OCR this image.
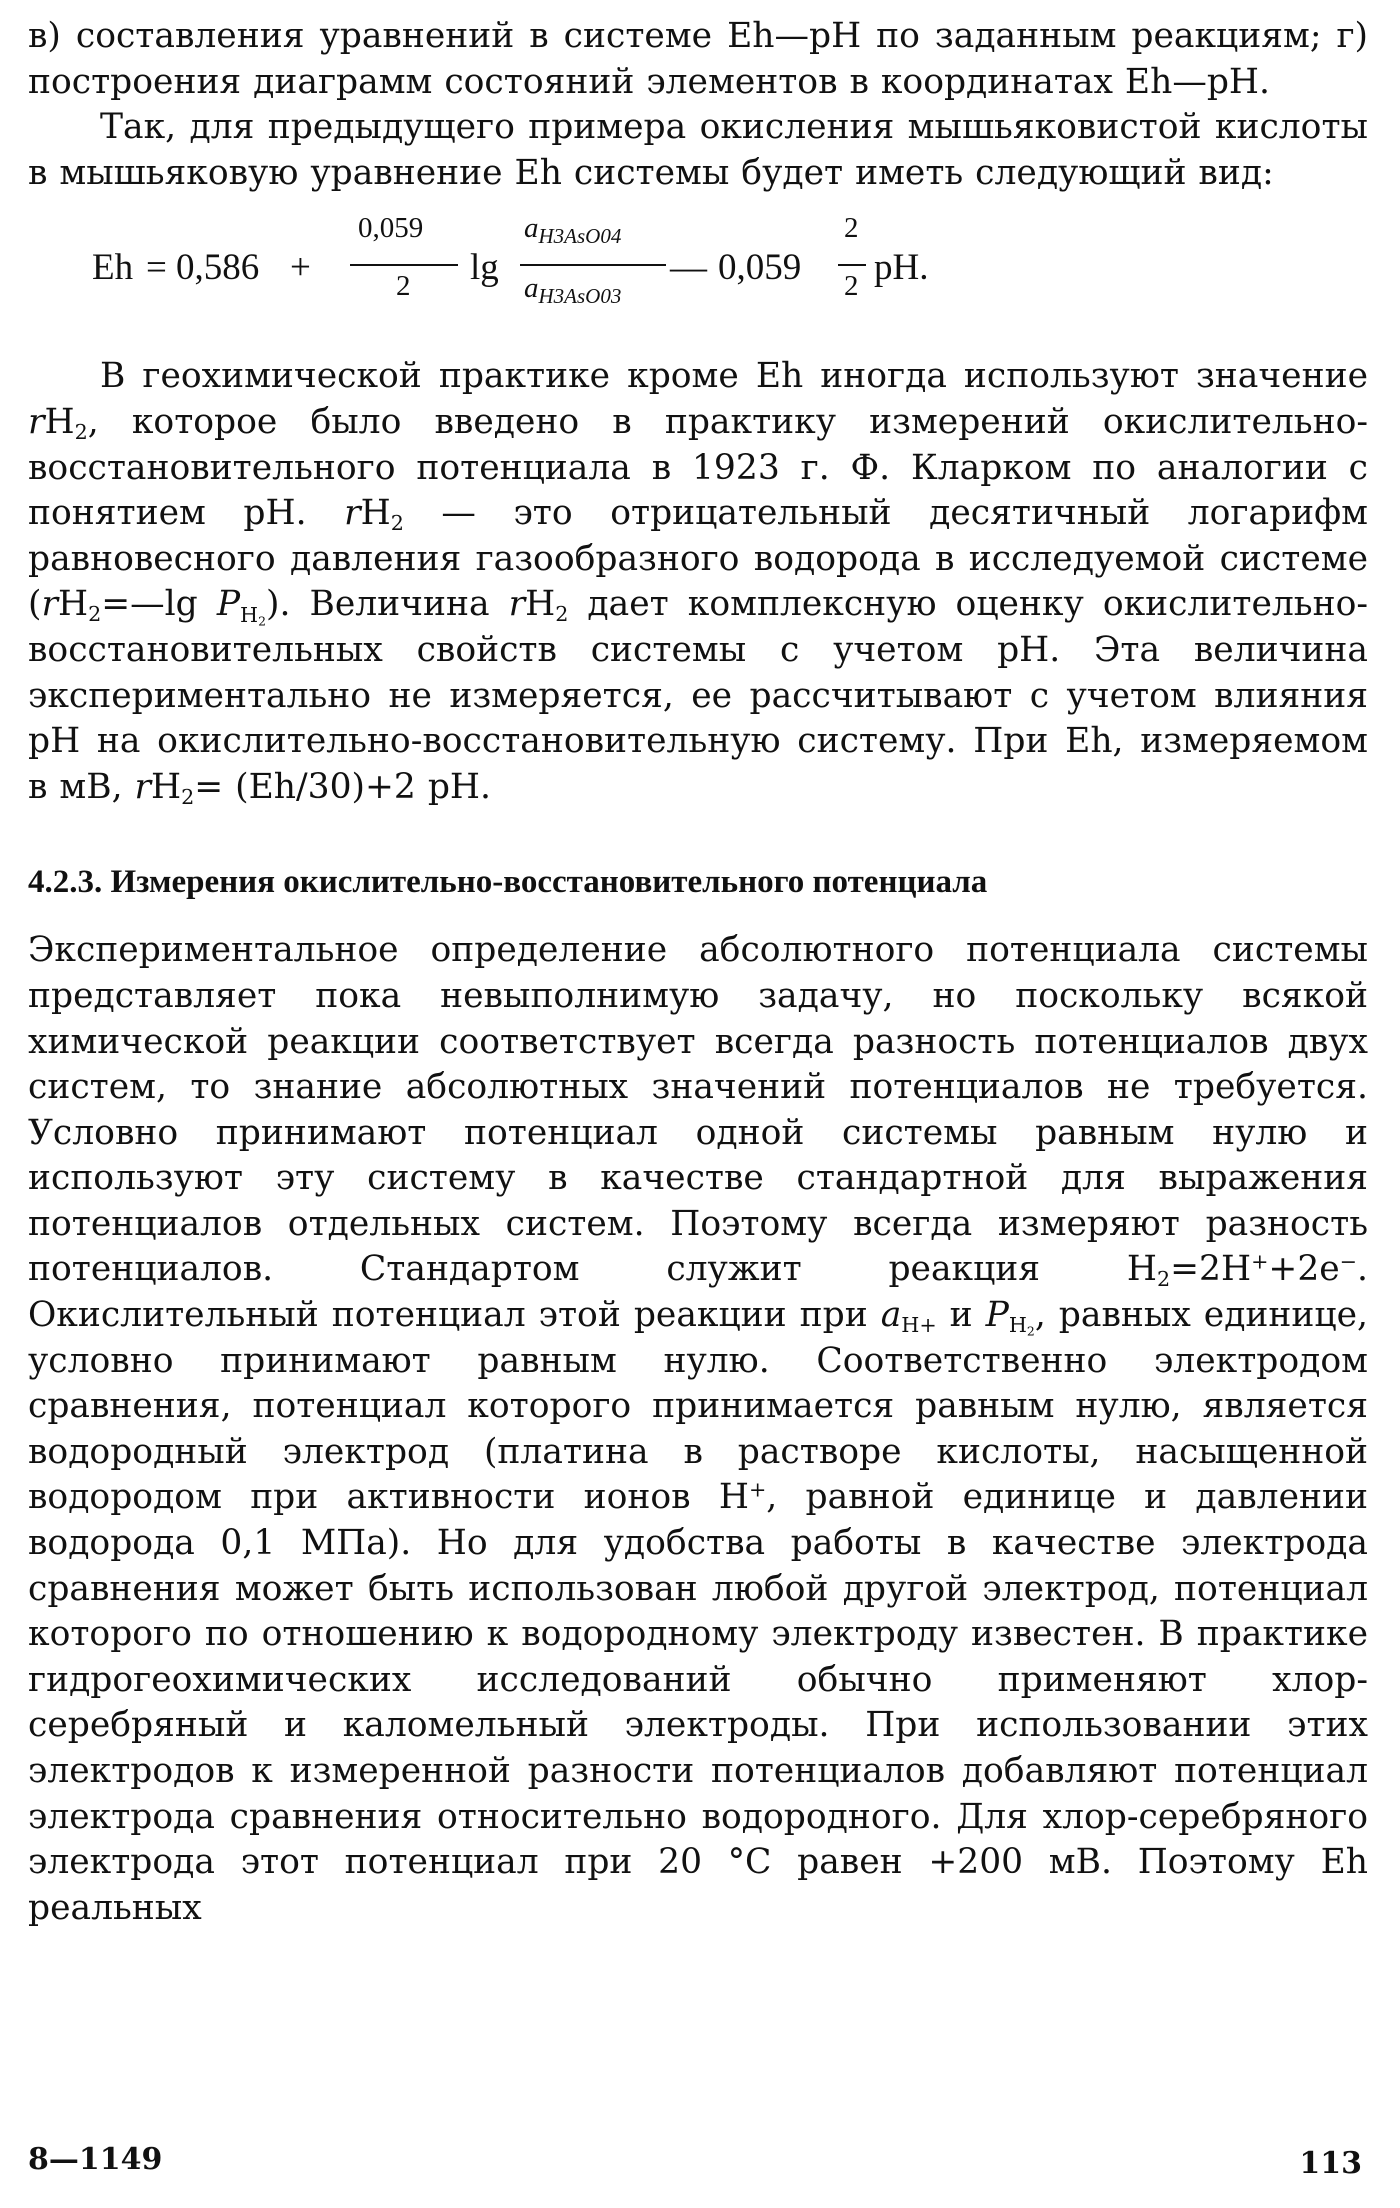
в) составления уравнений в системе Eh—pH по заданным реакциям; г) построения диаграмм состояний элементов в координатах Eh—pH.

Так, для предыдущего примера окисления мышьяковистой кислоты в мышьяковую уравнение Eh системы будет иметь следующий вид:

Eh = 0,586 +
0,059
2 lg
$a_{H3AsO04}$
$a_{H3AsO03}$
— 0,059
2
2 pH.

В геохимической практике кроме Eh иногда используют значение $rH_2$, которое было введено в практику измерений окислительно-восстановительного потенциала в 1923 г. Ф. Кларком по аналогии с понятием pH. $rH_2$ — это отрицательный десятичный логарифм равновесного давления газообразного водорода в исследуемой системе ($rH_2=—\lg$ $P_{H_2}$). Величина $rH_2$ дает комплексную оценку окислительно-восстановительных свойств системы с учетом pH. Эта величина экспериментально не измеряется, ее рассчитывают с учетом влияния pH на окислительно-восстановительную систему. При Eh, измеряемом в мВ, $rH_2= (Eh/30)+2$ pH.

4.2.3. Измерения окислительно-восстановительного потенциала

Экспериментальное определение абсолютного потенциала системы представляет пока невыполнимую задачу, но поскольку всякой химической реакции соответствует всегда разность потенциалов двух систем, то знание абсолютных значений потенциалов не требуется. Условно принимают потенциал одной системы равным нулю и используют эту систему в качестве стандартной для выражения потенциалов отдельных систем. Поэтому всегда измеряют разность потенциалов. Стандартом служит реакция $H_2=2H^++2e^-$. Окислительный потенциал этой реакции при $a_{H+}$ и $P_{H_2}$, равных единице, условно принимают равным нулю. Соответственно электродом сравнения, потенциал которого принимается равным нулю, является водородный электрод (платина в растворе кислоты, насыщенной водородом при активности ионов H+, равной единице и давлении водорода 0,1 МПа). Но для удобства работы в качестве электрода сравнения может быть использован любой другой электрод, потенциал которого по отношению к водородному электроду известен. В практике гидрогеохимических исследований обычно применяют хлор-серебряный и каломельный электроды. При использовании этих электродов к измеренной разности потенциалов добавляют потенциал электрода сравнения относительно водородного. Для хлор-серебряного электрода этот потенциал при 20 °С равен +200 мВ. Поэтому Eh реальных

8—1149	113
